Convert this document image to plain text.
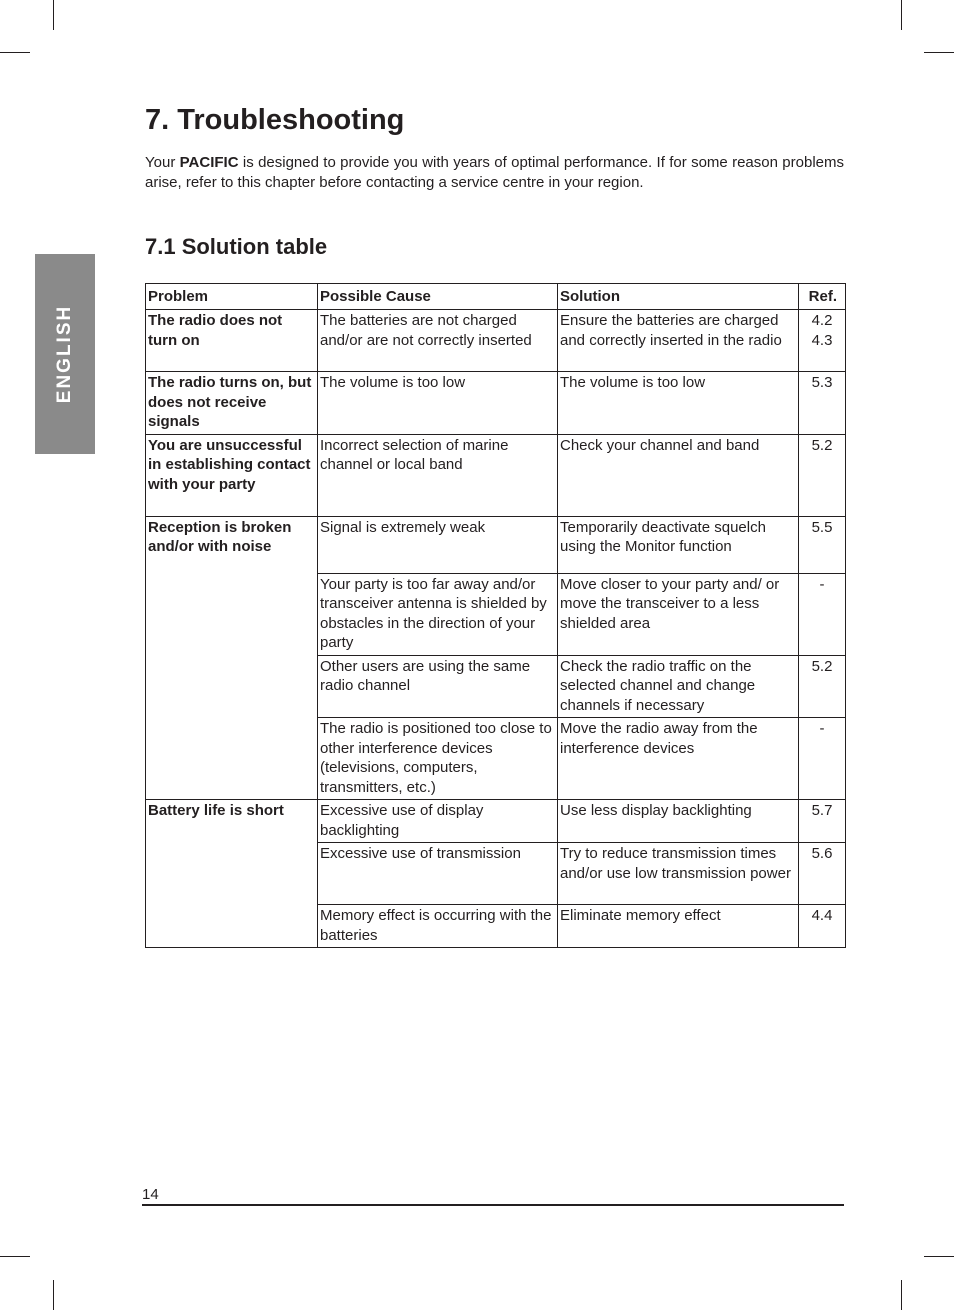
ENGLISH
7. Troubleshooting

Your PACIFIC is designed to provide you with years of optimal performance. If for some reason problems arise, refer to this chapter before contacting a service centre in your region.

7.1 Solution table
Problem	Possible Cause	Solution	Ref.
The radio does not turn on	The batteries are not charged and/or are not correctly inserted	Ensure the batteries are charged and correctly inserted in the radio	4.2
4.3

The radio turns on, but does not receive signals	The volume is too low	The volume is too low	5.3

You are unsuccessful in establishing contact with your party	Incorrect selection of marine channel or local band	Check your channel and band	5.2

Reception is broken and/or with noise	Signal is extremely weak	Temporarily deactivate squelch using the Monitor function	5.5

	Your party is too far away and/or transceiver antenna is shielded by obstacles in the direction of your party	Move closer to your party and/ or move the transceiver to a less shielded area	-

	Other users are using the same radio channel	Check the radio traffic on the selected channel and change channels if necessary	5.2

	The radio is positioned too close to other interference devices (televisions, computers, transmitters, etc.)	Move the radio away from the interference devices	-

Battery life is short	Excessive use of display backlighting	Use less display backlighting	5.7

	Excessive use of transmission	Try to reduce transmission times and/or use low transmission power	5.6

	Memory effect is occurring with the batteries	Eliminate memory effect	4.4
14
